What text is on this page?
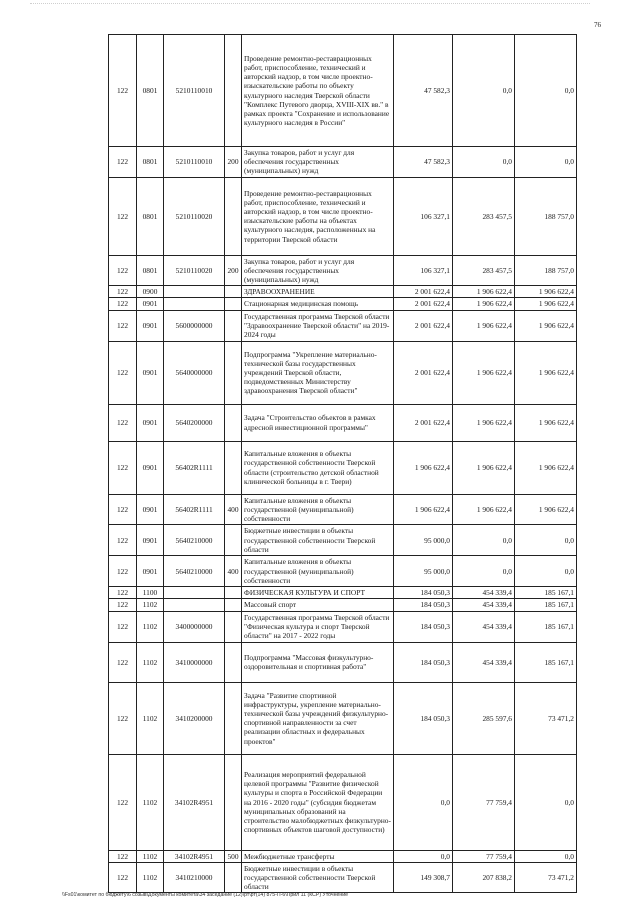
76
122	0801	5210110010		Проведение ремонтно-реставрационных работ, приспособление, технический и авторский надзор, в том числе проектно-изыскательские работы по объекту культурного наследия Тверской области "Комплекс Путевого дворца, XVIII-XIX вв." в рамках проекта "Сохранение и использование культурного наследия в России"	47 582,3	0,0	0,0
122	0801	5210110010	200	Закупка товаров, работ и услуг для обеспечения государственных (муниципальных) нужд	47 582,3	0,0	0,0
122	0801	5210110020		Проведение ремонтно-реставрационных работ, приспособление, технический и авторский надзор, в том числе проектно-изыскательские работы на объектах культурного наследия, расположенных на территории Тверской области	106 327,1	283 457,5	188 757,0
122	0801	5210110020	200	Закупка товаров, работ и услуг для обеспечения государственных (муниципальных) нужд	106 327,1	283 457,5	188 757,0
122	0900			ЗДРАВООХРАНЕНИЕ	2 001 622,4	1 906 622,4	1 906 622,4
122	0901			Стационарная медицинская помощь	2 001 622,4	1 906 622,4	1 906 622,4
122	0901	5600000000		Государственная программа Тверской области "Здравоохранение Тверской области" на 2019-2024 годы	2 001 622,4	1 906 622,4	1 906 622,4
122	0901	5640000000		Подпрограмма "Укрепление материально-технической базы государственных учреждений Тверской области, подведомственных Министерству здравоохранения Тверской области"	2 001 622,4	1 906 622,4	1 906 622,4
122	0901	5640200000		Задача "Строительство объектов в рамках адресной инвестиционной программы"	2 001 622,4	1 906 622,4	1 906 622,4
122	0901	56402R1111		Капитальные вложения в объекты государственной собственности Тверской области (строительство детской областной клинической больницы в г. Твери)	1 906 622,4	1 906 622,4	1 906 622,4
122	0901	56402R1111	400	Капитальные вложения в объекты государственной (муниципальной) собственности	1 906 622,4	1 906 622,4	1 906 622,4
122	0901	5640210000		Бюджетные инвестиции в объекты государственной собственности Тверской области	95 000,0	0,0	0,0
122	0901	5640210000	400	Капитальные вложения в объекты государственной (муниципальной) собственности	95 000,0	0,0	0,0
122	1100			ФИЗИЧЕСКАЯ КУЛЬТУРА И СПОРТ	184 050,3	454 339,4	185 167,1
122	1102			Массовый спорт	184 050,3	454 339,4	185 167,1
122	1102	3400000000		Государственная программа Тверской области "Физическая культура и спорт Тверской области" на 2017 - 2022 годы	184 050,3	454 339,4	185 167,1
122	1102	3410000000		Подпрограмма "Массовая физкультурно-оздоровительная и спортивная работа"	184 050,3	454 339,4	185 167,1
122	1102	3410200000		Задача "Развитие спортивной инфраструктуры, укрепление материально-технической базы учреждений физкультурно-спортивной направленности за счет реализации областных и федеральных проектов"	184 050,3	285 597,6	73 471,2
122	1102	34102R4951		Реализация мероприятий федеральной целевой программы "Развитие физической культуры и спорта в Российской Федерации на 2016 - 2020 годы" (субсидия бюджетам муниципальных образований на строительство малобюджетных физкультурно-спортивных объектов шаговой доступности)	0,0	77 759,4	0,0
122	1102	34102R4951	500	Межбюджетные трансферты	0,0	77 759,4	0,0
122	1102	3410210000		Бюджетные инвестиции в объекты государственной собственности Тверской области	149 308,7	207 838,2	73 471,2
\\Fs01\комитет по бюджету\6 созыв\Документы комитета\34 заседание (12)\рт\рт(14) 875-П-6\Прил 11 (КСР) Уточнение
